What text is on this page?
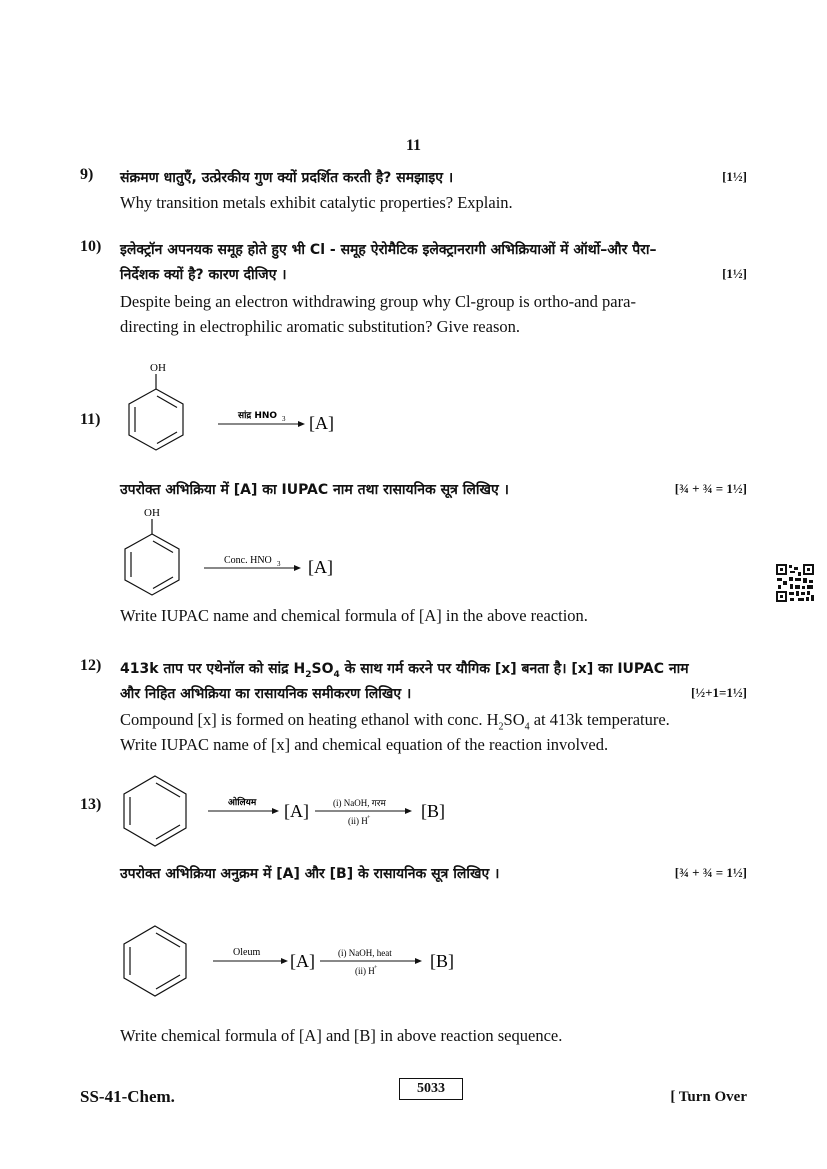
11
9) संक्रमण धातुएँ, उत्प्रेरकीय गुण क्यों प्रदर्शित करती है? समझाइए ।	[1½]
Why transition metals exhibit catalytic properties? Explain.
10) इलेक्ट्रॉन अपनयक समूह होते हुए भी Cl - समूह ऐरोमैटिक इलेक्ट्रानरागी अभिक्रियाओं में ऑर्थो–और पैरा–
निर्देशक क्यों है? कारण दीजिए ।	[1½]
Despite being an electron withdrawing group why Cl-group is ortho-and para-
directing in electrophilic aromatic substitution? Give reason.
11)
OH
सांद्र HNO 3 [A]
उपरोक्त अभिक्रिया में [A] का IUPAC नाम तथा रासायनिक सूत्र लिखिए ।	[¾ + ¾ = 1½]
OH
Conc. HNO 3 [A]
Write IUPAC name and chemical formula of [A] in the above reaction.
12) 413k ताप पर एथेनॉल को सांद्र $H_2SO_4$ के साथ गर्म करने पर यौगिक [x] बनता है। [x] का IUPAC नाम
और निहित अभिक्रिया का रासायनिक समीकरण लिखिए ।	[½+1=1½]
Compound [x] is formed on heating ethanol with conc. $H_2SO_4$ at 413k temperature.
Write IUPAC name of [x] and chemical equation of the reaction involved.
13)	ओलियम [A]	(i) NaOH, गरम
(ii) H +	[B]
उपरोक्त अभिक्रिया अनुक्रम में [A] और [B] के रासायनिक सूत्र लिखिए ।	[¾ + ¾ = 1½]
Oleum [A]	(i) NaOH, heat
(ii) H +	[B]
Write chemical formula of [A] and [B] in above reaction sequence.
SS-41-Chem.	5033
[ Turn Over
